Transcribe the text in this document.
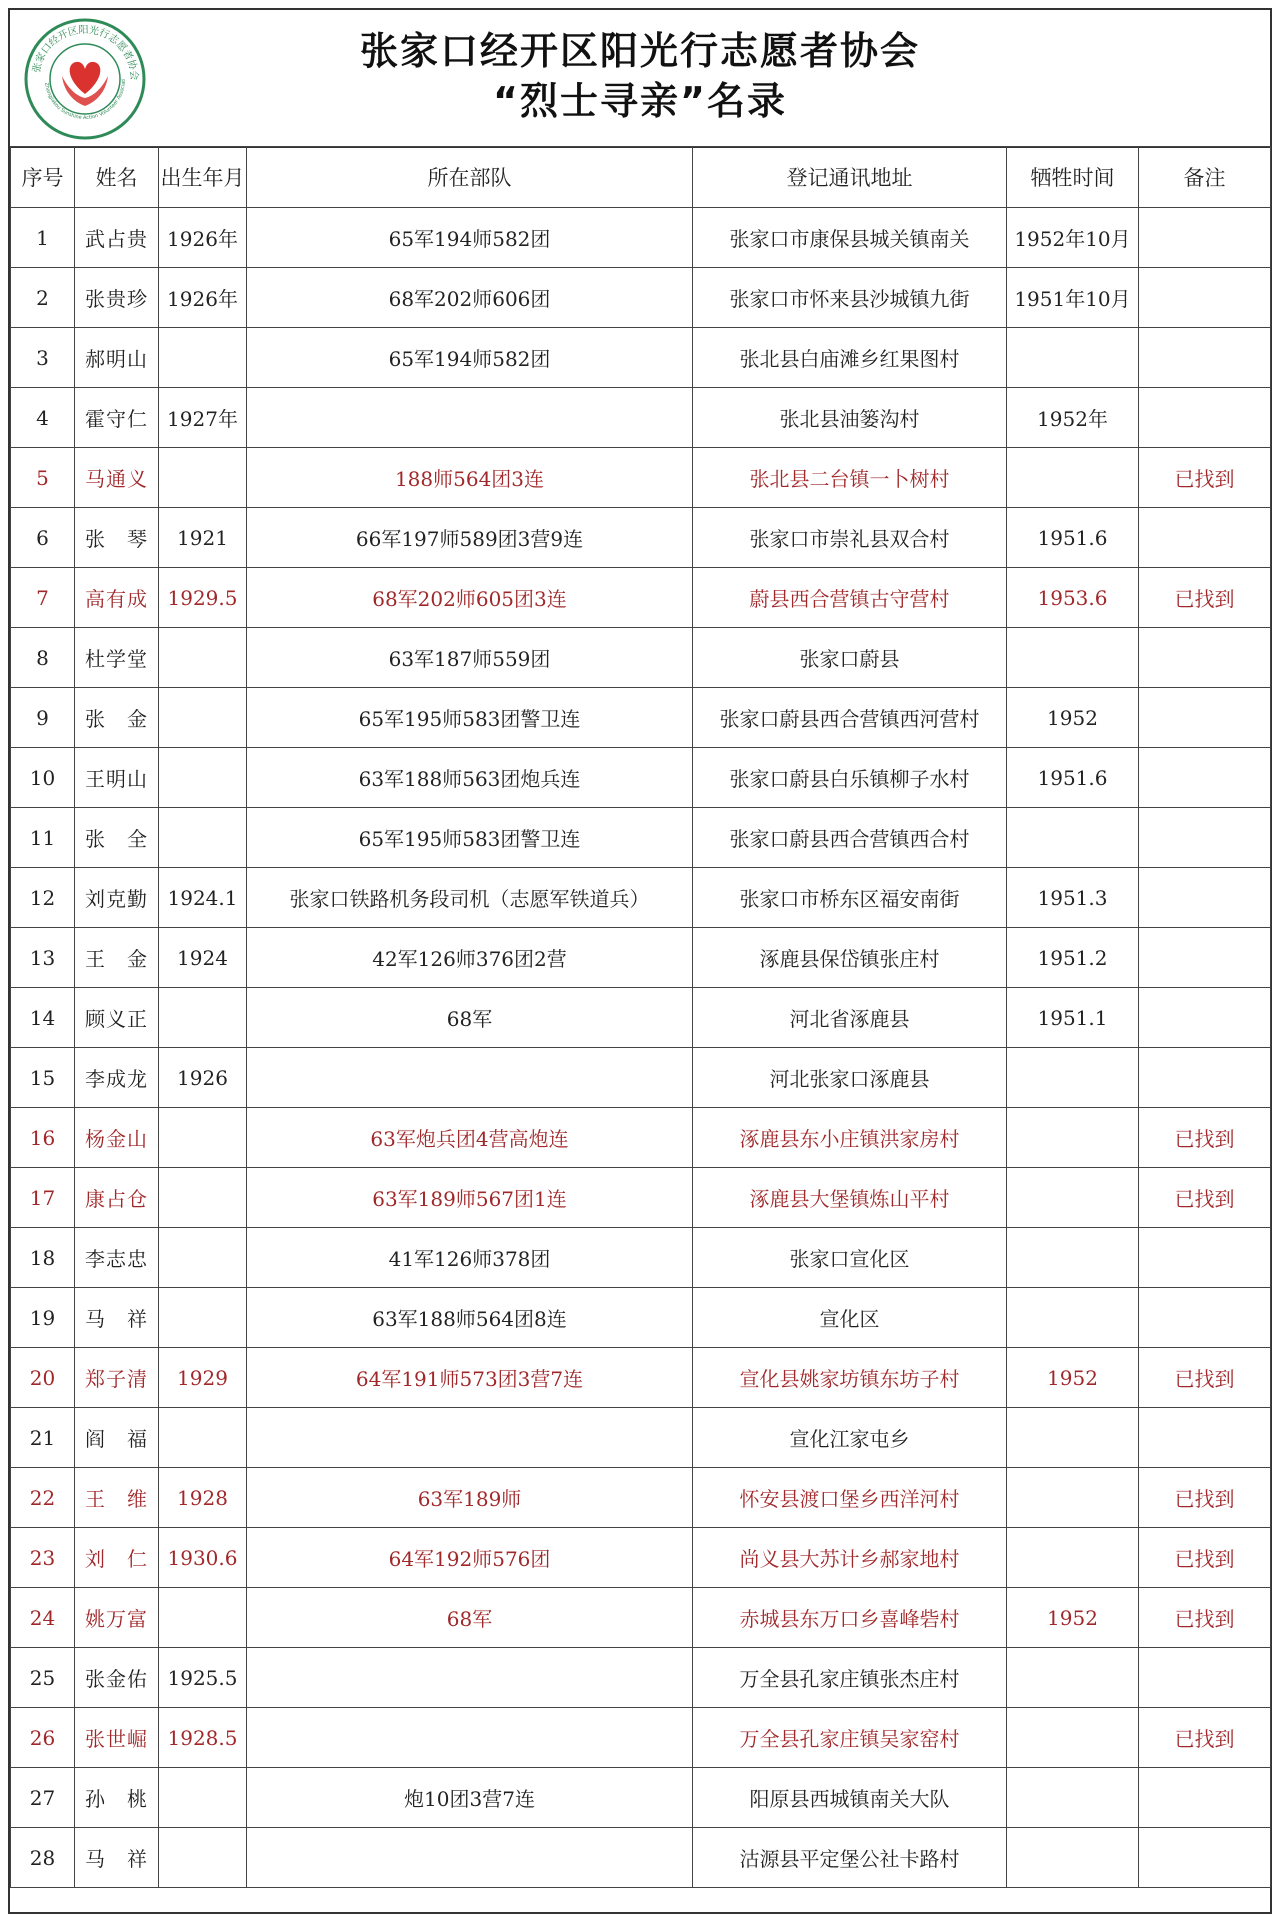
张家口经开区阳光行志愿者协会
Zhangjiakou Sunshine Action Volunteer Associati
张家口经开区阳光行志愿者协会
“烈士寻亲”名录
序号	姓名	出生年月	所在部队	登记通讯地址	牺牲时间	备注
1	武占贵	1926年	65军194师582团	张家口市康保县城关镇南关	1952年10月	
2	张贵珍	1926年	68军202师606团	张家口市怀来县沙城镇九街	1951年10月	
3	郝明山		65军194师582团	张北县白庙滩乡红果图村		
4	霍守仁	1927年		张北县油篓沟村	1952年	
5	马通义		188师564团3连	张北县二台镇一卜树村		已找到
6	张　琴	1921	66军197师589团3营9连	张家口市崇礼县双合村	1951.6	
7	高有成	1929.5	68军202师605团3连	蔚县西合营镇古守营村	1953.6	已找到
8	杜学堂		63军187师559团	张家口蔚县		
9	张　金		65军195师583团警卫连	张家口蔚县西合营镇西河营村	1952	
10	王明山		63军188师563团炮兵连	张家口蔚县白乐镇柳子水村	1951.6	
11	张　全		65军195师583团警卫连	张家口蔚县西合营镇西合村		
12	刘克勤	1924.1	张家口铁路机务段司机（志愿军铁道兵）	张家口市桥东区福安南街	1951.3	
13	王　金	1924	42军126师376团2营	涿鹿县保岱镇张庄村	1951.2	
14	顾义正		68军	河北省涿鹿县	1951.1	
15	李成龙	1926		河北张家口涿鹿县		
16	杨金山		63军炮兵团4营高炮连	涿鹿县东小庄镇洪家房村		已找到
17	康占仓		63军189师567团1连	涿鹿县大堡镇炼山平村		已找到
18	李志忠		41军126师378团	张家口宣化区		
19	马　祥		63军188师564团8连	宣化区		
20	郑子清	1929	64军191师573团3营7连	宣化县姚家坊镇东坊子村	1952	已找到
21	阎　福			宣化江家屯乡		
22	王　维	1928	63军189师	怀安县渡口堡乡西洋河村		已找到
23	刘　仁	1930.6	64军192师576团	尚义县大苏计乡郝家地村		已找到
24	姚万富		68军	赤城县东万口乡喜峰砦村	1952	已找到
25	张金佑	1925.5		万全县孔家庄镇张杰庄村		
26	张世崛	1928.5		万全县孔家庄镇吴家窑村		已找到
27	孙　桃		炮10团3营7连	阳原县西城镇南关大队		
28	马　祥			沽源县平定堡公社卡路村		
